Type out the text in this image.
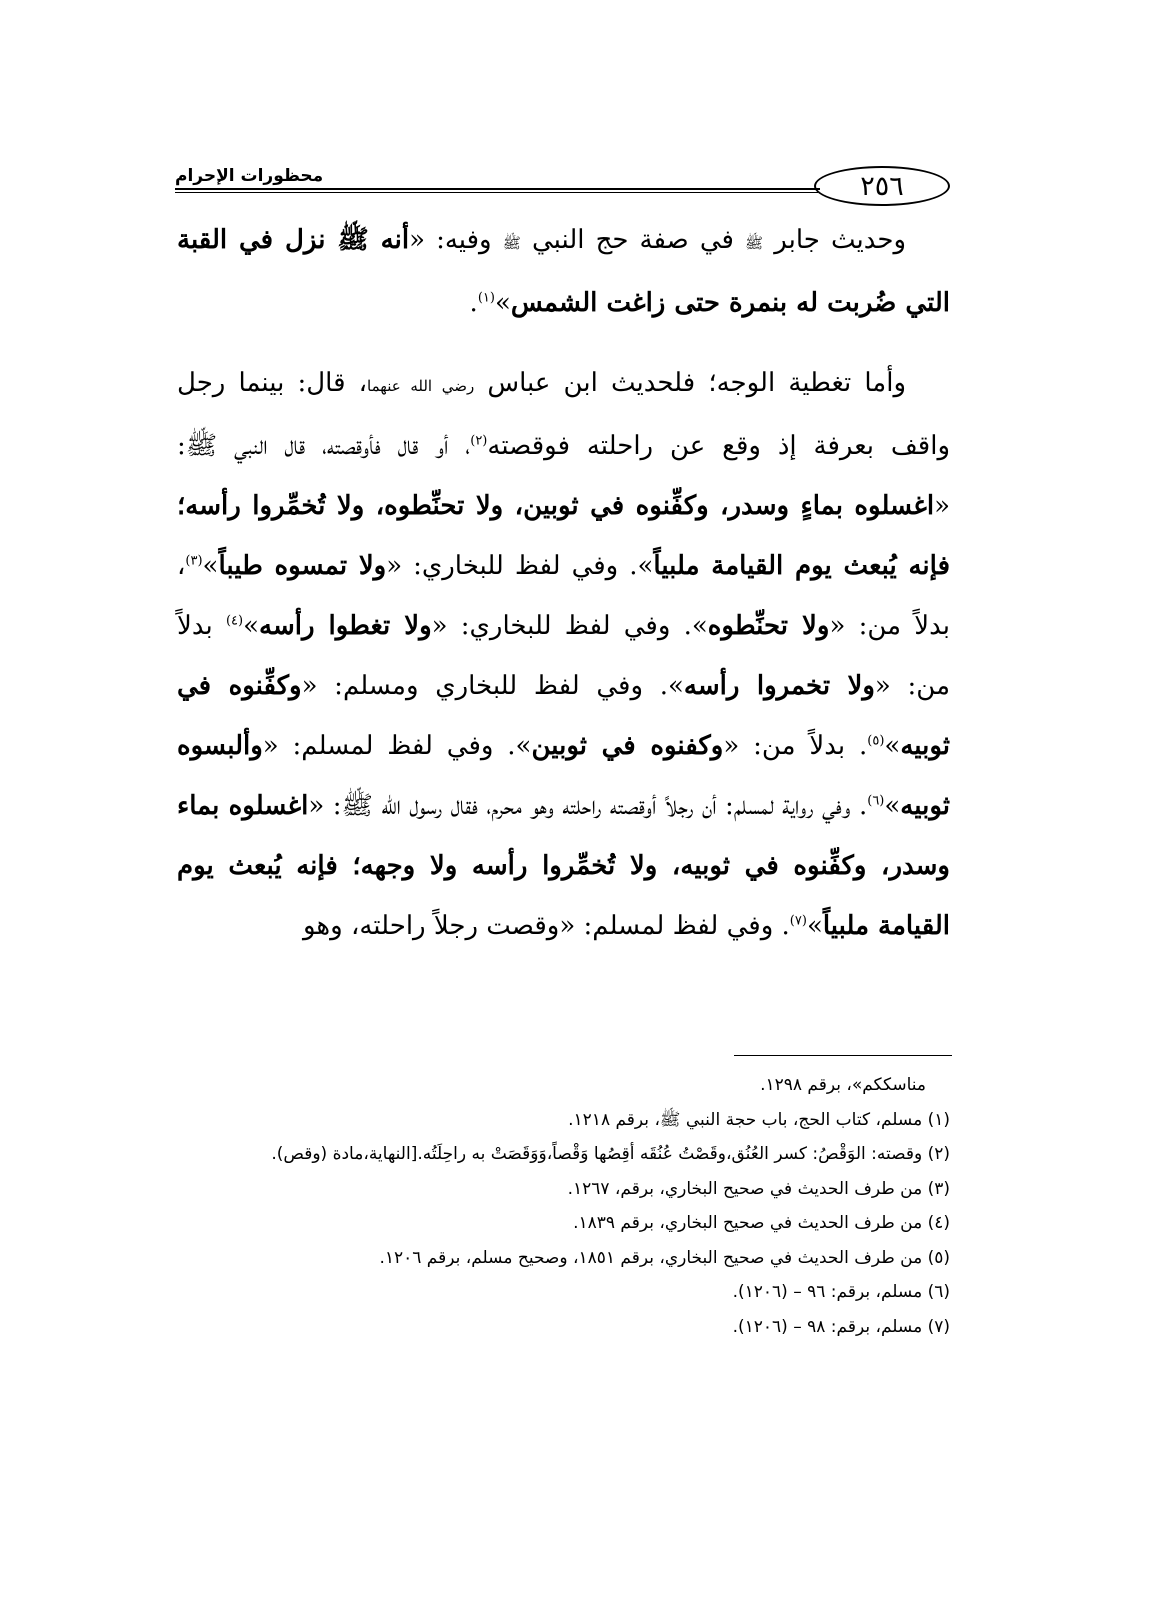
٢٥٦
محظورات الإحرام

وحديث جابر ﷺ في صفة حج النبي ﷺ وفيه: «أنه ﷺ نزل في القبة التي ضُربت له بنمرة حتى زاغت الشمس»$^{(١)}$.

وأما تغطية الوجه؛ فلحديث ابن عباس رضي الله عنهما، قال: بينما رجل واقف بعرفة إذ وقع عن راحلته فوقصته$^{(٢)}$، أو قال فأوقصته، قال النبي ﷺ: «اغسلوه بماءٍ وسدر، وكفِّنوه في ثوبين، ولا تحنِّطوه، ولا تُخمِّروا رأسه؛ فإنه يُبعث يوم القيامة ملبياً». وفي لفظ للبخاري: «ولا تمسوه طيباً»$^{(٣)}$، بدلاً من: «ولا تحنِّطوه». وفي لفظ للبخاري: «ولا تغطوا رأسه»$^{(٤)}$ بدلاً من: «ولا تخمروا رأسه». وفي لفظ للبخاري ومسلم: «وكفِّنوه في ثوبيه»$^{(٥)}$. بدلاً من: «وكفنوه في ثوبين». وفي لفظ لمسلم: «وألبسوه ثوبيه»$^{(٦)}$. وفي رواية لمسلم: أن رجلاً أوقصته راحلته وهو محرم، فقال رسول الله ﷺ: «اغسلوه بماء وسدر، وكفِّنوه في ثوبيه، ولا تُخمِّروا رأسه ولا وجهه؛ فإنه يُبعث يوم القيامة ملبياً»$^{(٧)}$. وفي لفظ لمسلم: «وقصت رجلاً راحلته، وهو

مناسككم»، برقم ١٢٩٨.
(١) مسلم، كتاب الحج، باب حجة النبي ﷺ، برقم ١٢١٨.
(٢) وقصته: الوَقْصُ: كسر العُنُق،وقَصْتُ عُنُقَه أقِصُها وَقْصاً،وَوَقَصَتْ به راحِلَتُه.[النهاية،مادة (وقص).
(٣) من طرف الحديث في صحيح البخاري، برقم، ١٢٦٧.
(٤) من طرف الحديث في صحيح البخاري، برقم ١٨٣٩.
(٥) من طرف الحديث في صحيح البخاري، برقم ١٨٥١، وصحيح مسلم، برقم ١٢٠٦.
(٦) مسلم، برقم: ٩٦ – (١٢٠٦).
(٧) مسلم، برقم: ٩٨ – (١٢٠٦).
